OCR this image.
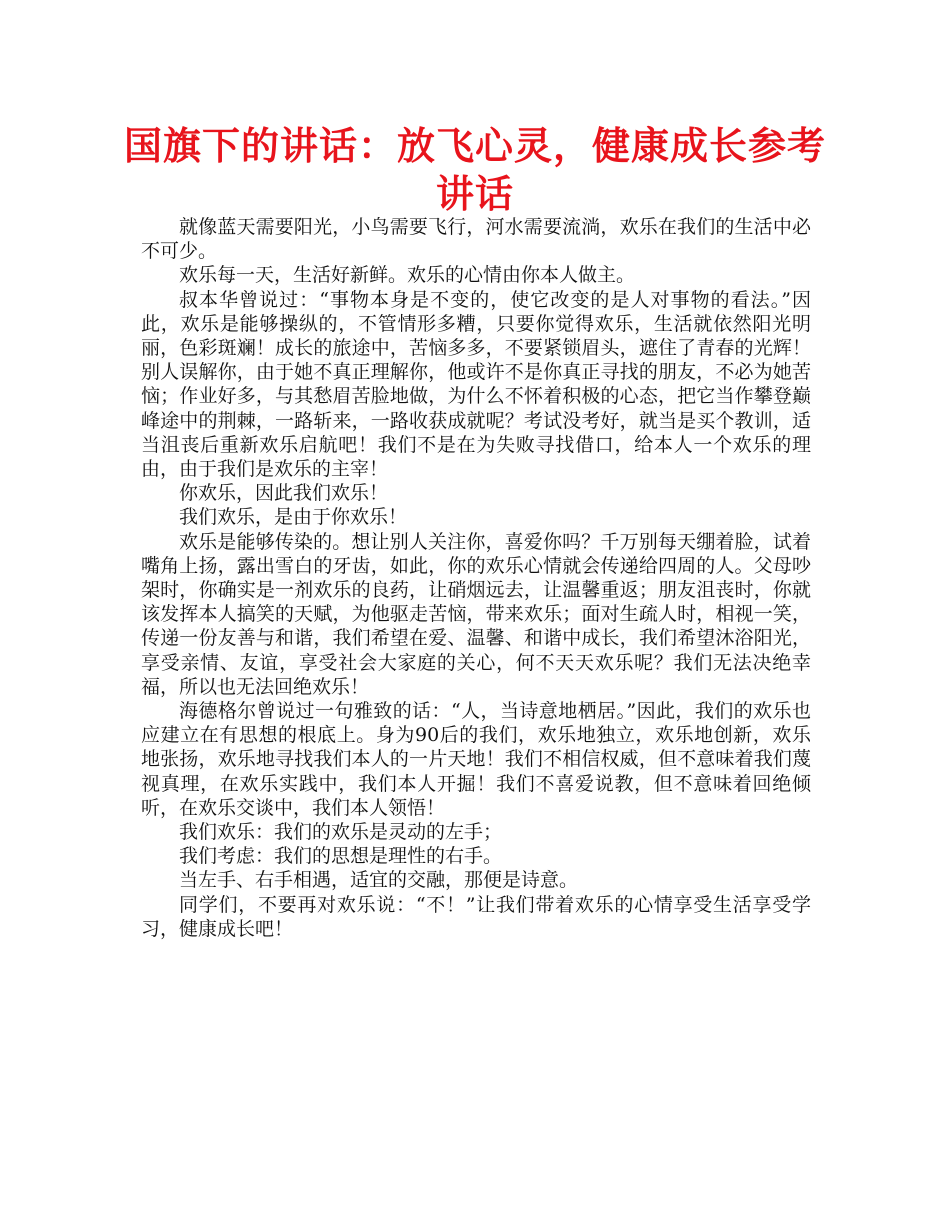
国旗下的讲话：放飞心灵，健康成长参考讲话

就像蓝天需要阳光，小鸟需要飞行，河水需要流淌，欢乐在我们的生活中必不可少。

欢乐每一天，生活好新鲜。欢乐的心情由你本人做主。

叔本华曾说过：“事物本身是不变的，使它改变的是人对事物的看法。”因此，欢乐是能够操纵的，不管情形多糟，只要你觉得欢乐，生活就依然阳光明丽，色彩斑斓！成长的旅途中，苦恼多多，不要紧锁眉头，遮住了青春的光辉！别人误解你，由于她不真正理解你，他或许不是你真正寻找的朋友，不必为她苦恼；作业好多，与其愁眉苦脸地做，为什么不怀着积极的心态，把它当作攀登巅峰途中的荆棘，一路斩来，一路收获成就呢？考试没考好，就当是买个教训，适当沮丧后重新欢乐启航吧！我们不是在为失败寻找借口，给本人一个欢乐的理由，由于我们是欢乐的主宰！

你欢乐，因此我们欢乐！

我们欢乐，是由于你欢乐！

欢乐是能够传染的。想让别人关注你，喜爱你吗？千万别每天绷着脸，试着嘴角上扬，露出雪白的牙齿，如此，你的欢乐心情就会传递给四周的人。父母吵架时，你确实是一剂欢乐的良药，让硝烟远去，让温馨重返；朋友沮丧时，你就该发挥本人搞笑的天赋，为他驱走苦恼，带来欢乐；面对生疏人时，相视一笑，传递一份友善与和谐，我们希望在爱、温馨、和谐中成长，我们希望沐浴阳光，享受亲情、友谊，享受社会大家庭的关心，何不天天欢乐呢？我们无法决绝幸福，所以也无法回绝欢乐！

海德格尔曾说过一句雅致的话：“人，当诗意地栖居。”因此，我们的欢乐也应建立在有思想的根底上。身为90后的我们，欢乐地独立，欢乐地创新，欢乐地张扬，欢乐地寻找我们本人的一片天地！我们不相信权威，但不意味着我们蔑视真理，在欢乐实践中，我们本人开掘！我们不喜爱说教，但不意味着回绝倾听，在欢乐交谈中，我们本人领悟！

我们欢乐：我们的欢乐是灵动的左手；

我们考虑：我们的思想是理性的右手。

当左手、右手相遇，适宜的交融，那便是诗意。

同学们，不要再对欢乐说：“不！”让我们带着欢乐的心情享受生活享受学习，健康成长吧！
